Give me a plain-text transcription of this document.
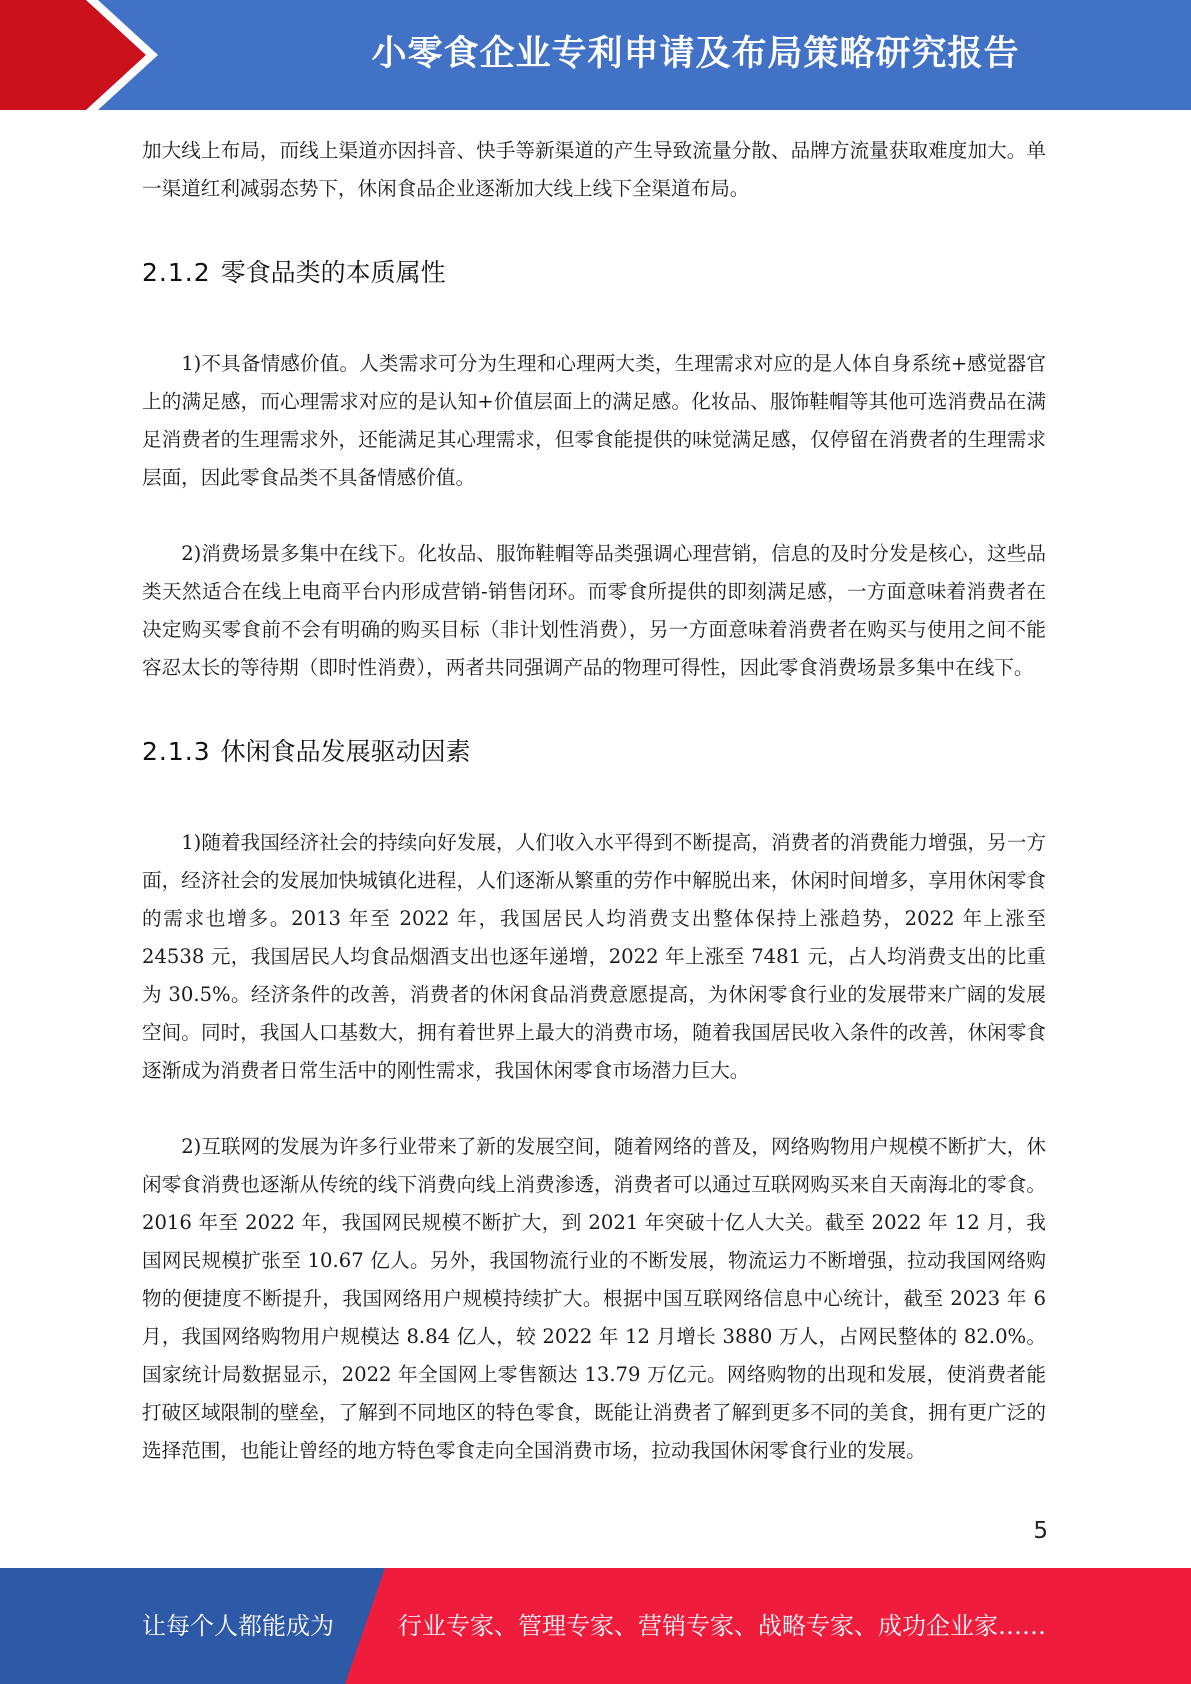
小零食企业专利申请及布局策略研究报告

加大线上布局，而线上渠道亦因抖音、快手等新渠道的产生导致流量分散、品牌方流量获取难度加大。单一渠道红利减弱态势下，休闲食品企业逐渐加大线上线下全渠道布局。

2.1.2 零食品类的本质属性

1)不具备情感价值。人类需求可分为生理和心理两大类，生理需求对应的是人体自身系统+感觉器官上的满足感，而心理需求对应的是认知+价值层面上的满足感。化妆品、服饰鞋帽等其他可选消费品在满足消费者的生理需求外，还能满足其心理需求，但零食能提供的味觉满足感，仅停留在消费者的生理需求层面，因此零食品类不具备情感价值。

2)消费场景多集中在线下。化妆品、服饰鞋帽等品类强调心理营销，信息的及时分发是核心，这些品类天然适合在线上电商平台内形成营销-销售闭环。而零食所提供的即刻满足感，一方面意味着消费者在决定购买零食前不会有明确的购买目标（非计划性消费），另一方面意味着消费者在购买与使用之间不能容忍太长的等待期（即时性消费），两者共同强调产品的物理可得性，因此零食消费场景多集中在线下。

2.1.3 休闲食品发展驱动因素

1)随着我国经济社会的持续向好发展，人们收入水平得到不断提高，消费者的消费能力增强，另一方面，经济社会的发展加快城镇化进程，人们逐渐从繁重的劳作中解脱出来，休闲时间增多，享用休闲零食的需求也增多。2013 年至 2022 年，我国居民人均消费支出整体保持上涨趋势，2022 年上涨至 24538 元，我国居民人均食品烟酒支出也逐年递增，2022 年上涨至 7481 元，占人均消费支出的比重为 30.5%。经济条件的改善，消费者的休闲食品消费意愿提高，为休闲零食行业的发展带来广阔的发展空间。同时，我国人口基数大，拥有着世界上最大的消费市场，随着我国居民收入条件的改善，休闲零食逐渐成为消费者日常生活中的刚性需求，我国休闲零食市场潜力巨大。

2)互联网的发展为许多行业带来了新的发展空间，随着网络的普及，网络购物用户规模不断扩大，休闲零食消费也逐渐从传统的线下消费向线上消费渗透，消费者可以通过互联网购买来自天南海北的零食。2016 年至 2022 年，我国网民规模不断扩大，到 2021 年突破十亿人大关。截至 2022 年 12 月，我国网民规模扩张至 10.67 亿人。另外，我国物流行业的不断发展，物流运力不断增强，拉动我国网络购物的便捷度不断提升，我国网络用户规模持续扩大。根据中国互联网络信息中心统计，截至 2023 年 6 月，我国网络购物用户规模达 8.84 亿人，较 2022 年 12 月增长 3880 万人，占网民整体的 82.0%。国家统计局数据显示，2022 年全国网上零售额达 13.79 万亿元。网络购物的出现和发展，使消费者能打破区域限制的壁垒，了解到不同地区的特色零食，既能让消费者了解到更多不同的美食，拥有更广泛的选择范围，也能让曾经的地方特色零食走向全国消费市场，拉动我国休闲零食行业的发展。

5
让每个人都能成为	行业专家、管理专家、营销专家、战略专家、成功企业家……
